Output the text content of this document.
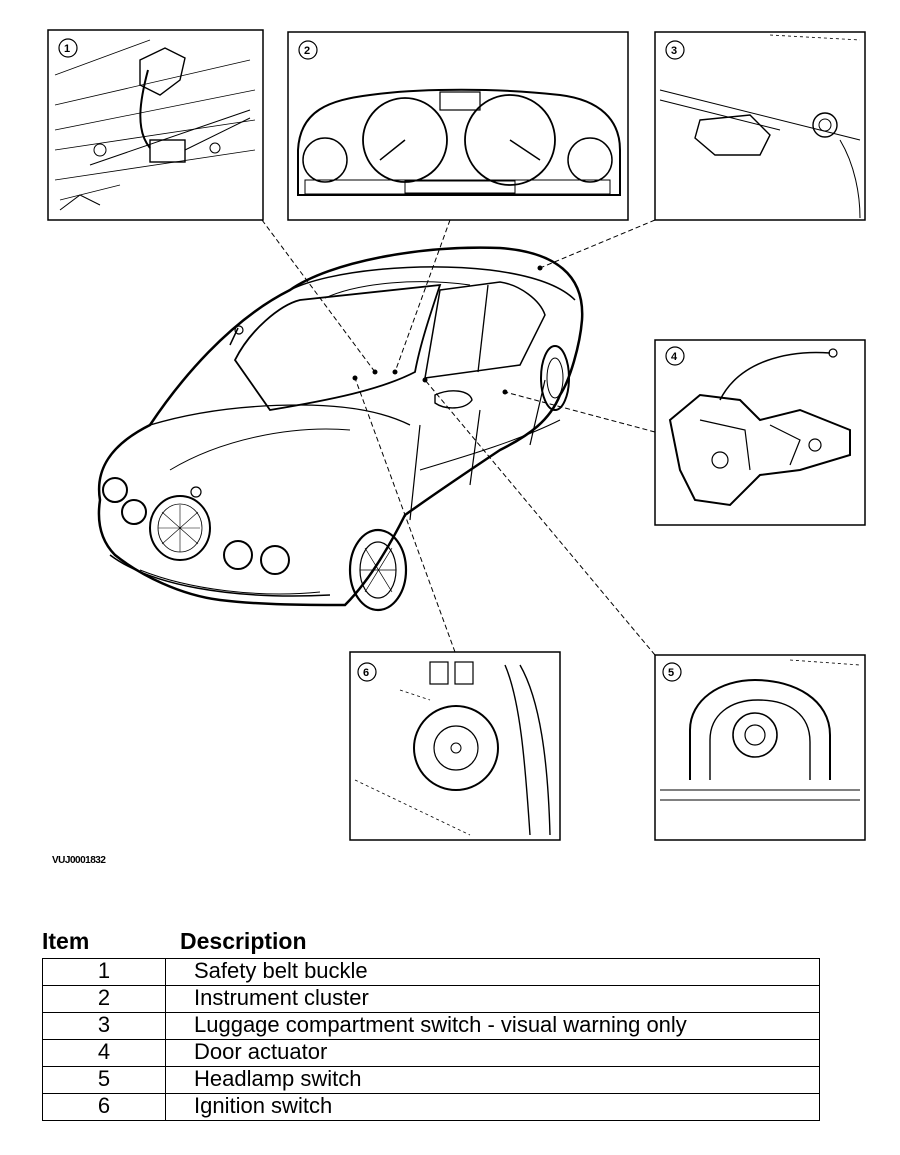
1	2	3
4
5
6
VUJ0001832
Item	Description
1	Safety belt buckle
2	Instrument cluster
3	Luggage compartment switch - visual warning only
4	Door actuator
5	Headlamp switch
6	Ignition switch
